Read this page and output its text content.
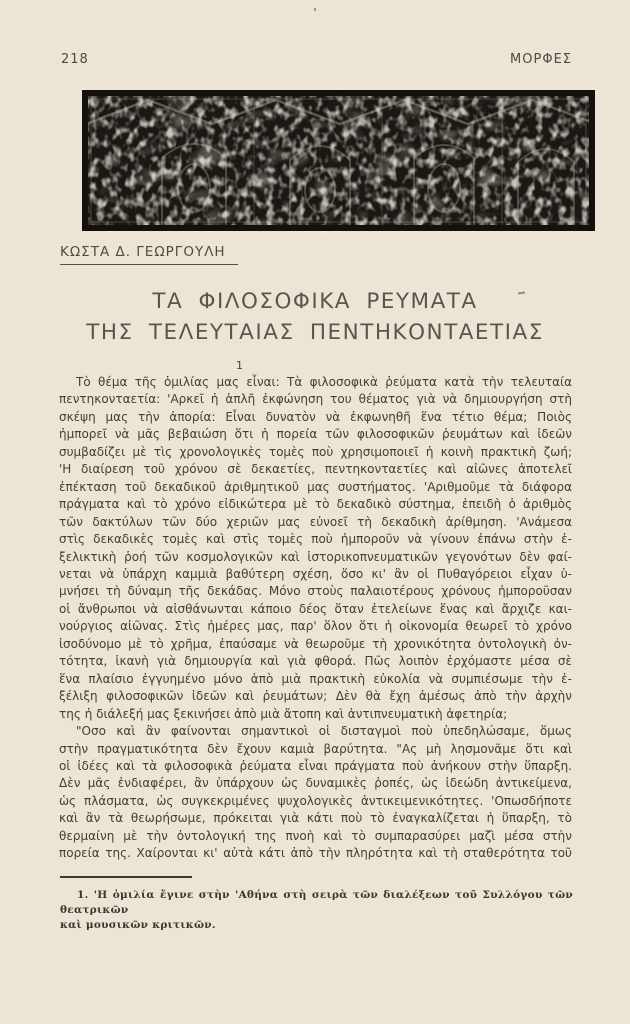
218	ΜΟΡΦΕΣ
ΚΩΣΤΑ Δ. ΓΕΩΡΓΟΥΛΗ
ΤΑ ΦΙΛΟΣΟΦΙΚΑ ΡΕΥΜΑΤΑ
ΤΗΣ ΤΕΛΕΥΤΑΙΑΣ ΠΕΝΤΗΚΟΝΤΑΕΤΙΑΣ
1
Τὸ θέμα τῆς ὁμιλίας μας εἶναι: Τὰ φιλοσοφικὰ ῥεύματα κατὰ τὴν τελευταία
πεντηκονταετία: 'Αρκεῖ ἡ ἁπλῆ ἐκφώνηση του θέματος γιὰ νὰ δημιουργήση στὴ
σκέψη μας τὴν ἀπορία: Εἶναι δυνατὸν νὰ ἐκφωνηθῆ ἕνα τέτιο θέμα; Ποιὸς
ἠμπορεῖ νὰ μᾶς βεβαιώση ὅτι ἡ πορεία τῶν φιλοσοφικῶν ῥευμάτων καὶ ἰδεῶν
συμβαδίζει μὲ τὶς χρονολογικὲς τομὲς ποὺ χρησιμοποιεῖ ἡ κοινὴ πρακτικὴ ζωή;
'Η διαίρεση τοῦ χρόνου σὲ δεκαετίες, πεντηκονταετίες καὶ αἰῶνες ἀποτελεῖ
ἐπέκταση τοῦ δεκαδικοῦ ἀριθμητικοῦ μας συστήματος. 'Αριθμοῦμε τὰ διάφορα
πράγματα καὶ τὸ χρόνο εἰδικώτερα μὲ τὸ δεκαδικὸ σύστημα, ἐπειδὴ ὁ ἀριθμὸς
τῶν δακτύλων τῶν δύο χεριῶν μας εὐνοεῖ τὴ δεκαδικὴ ἀρίθμηση. 'Ανάμεσα
στὶς δεκαδικὲς τομὲς καὶ στὶς τομὲς ποὺ ἠμποροῦν νὰ γίνουν ἐπάνω στὴν ἐ-
ξελικτικὴ ῥοή τῶν κοσμολογικῶν καὶ ἱστορικοπνευματικῶν γεγονότων δὲν φαί-
νεται νὰ ὑπάρχη καμμιὰ βαθύτερη σχέση, ὅσο κι' ἂν οἱ Πυθαγόρειοι εἶχαν ὑ-
μνήσει τὴ δύναμη τῆς δεκάδας. Μόνο στοὺς παλαιοτέρους χρόνους ἠμποροῦσαν
οἱ ἄνθρωποι νὰ αἰσθάνωνται κάποιο δέος ὅταν ἐτελείωνε ἕνας καὶ ἄρχιζε και-
νούργιος αἰῶνας. Στὶς ἡμέρες μας, παρ' ὅλον ὅτι ἡ οἰκονομία θεωρεῖ τὸ χρόνο
ἰσοδύνομο μὲ τὸ χρῆμα, ἐπαύσαμε νὰ θεωροῦμε τὴ χρονικότητα ὀντολογικὴ ὀν-
τότητα, ἱκανὴ γιὰ δημιουργία καὶ γιὰ φθορά. Πῶς λοιπὸν ἐρχόμαστε μέσα σὲ
ἕνα πλαίσιο ἐγγυημένο μόνο ἀπὸ μιὰ πρακτικὴ εὐκολία νὰ συμπιέσωμε τὴν ἐ-
ξέλιξη φιλοσοφικῶν ἰδεῶν καὶ ῥευμάτων; Δὲν θὰ ἔχη ἀμέσως ἀπὸ τὴν ἀρχὴν
της ἡ διάλεξή μας ξεκινήσει ἀπὸ μιὰ ἄτοπη καὶ ἀντιπνευματικὴ ἀφετηρία;
"Οσο καὶ ἂν φαίνονται σημαντικοὶ οἱ δισταγμοὶ ποὺ ὑπεδηλώσαμε, ὅμως
στὴν πραγματικότητα δὲν ἔχουν καμιὰ βαρύτητα. "Ας μὴ λησμονᾶμε ὅτι καὶ
οἱ ἰδέες καὶ τὰ φιλοσοφικὰ ῥεύματα εἶναι πράγματα ποὺ ἀνήκουν στὴν ὕπαρξη.
Δὲν μᾶς ἐνδιαφέρει, ἂν ὑπάρχουν ὡς δυναμικὲς ῥοπές, ὡς ἰδεώδη ἀντικείμενα,
ὡς πλάσματα, ὡς συγκεκριμένες ψυχολογικὲς ἀντικειμενικότητες. 'Οπωσδήποτε
καὶ ἂν τὰ θεωρήσωμε, πρόκειται γιὰ κάτι ποὺ τὸ ἐναγκαλίζεται ἡ ὕπαρξη, τὸ
θερμαίνη μὲ τὴν ὀντολογική της πνοὴ καὶ τὸ συμπαρασύρει μαζὶ μέσα στὴν
πορεία της. Χαίρονται κι' αὐτὰ κάτι ἀπὸ τὴν πληρότητα καὶ τὴ σταθερότητα τοῦ
1. 'Η ὁμιλία ἔγινε στὴν 'Αθήνα στὴ σειρὰ τῶν διαλέξεων τοῦ Συλλόγου τῶν θεατρικῶν
καὶ μουσικῶν κριτικῶν.
